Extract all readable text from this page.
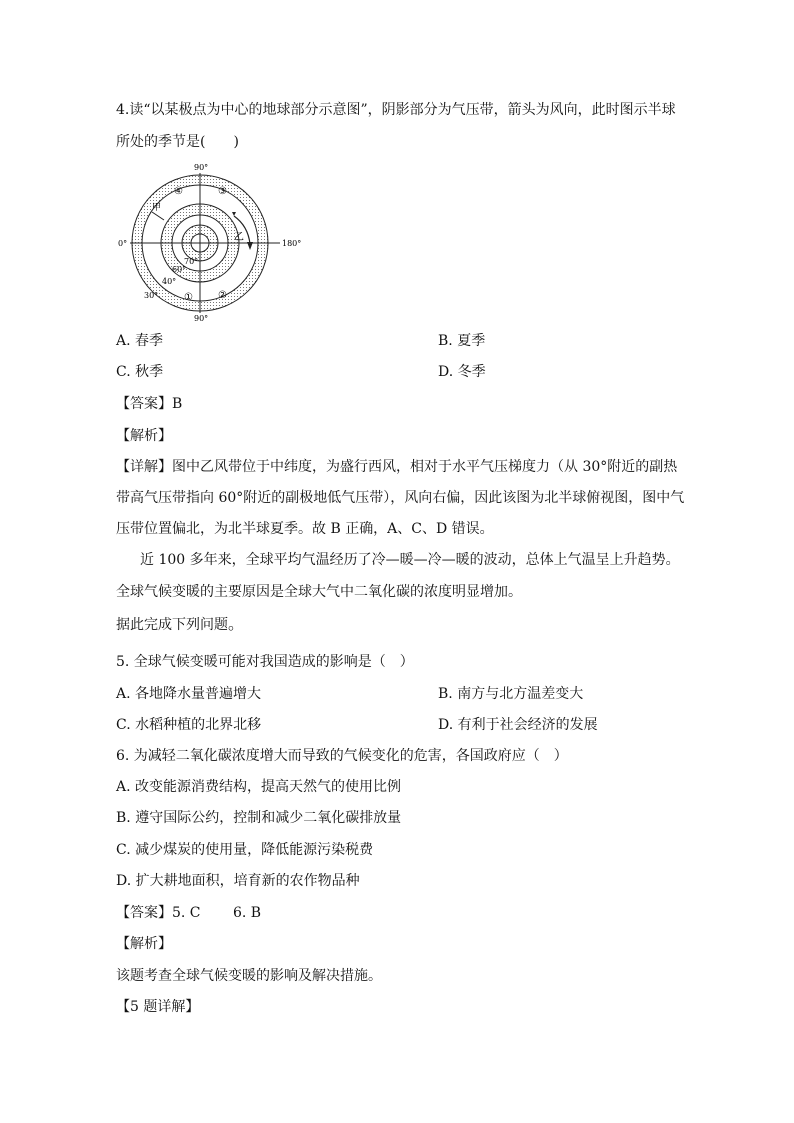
4.读“以某极点为中心的地球部分示意图”，阴影部分为气压带，箭头为风向，此时图示半球
所处的季节是(　　)
90°
90°
0°	180°
70°
60°
40°
30°
甲
乙
①	②
③
④
A. 春季	B. 夏季
C. 秋季	D. 冬季
【答案】B
【解析】
【详解】图中乙风带位于中纬度，为盛行西风，相对于水平气压梯度力（从 30°附近的副热
带高气压带指向 60°附近的副极地低气压带），风向右偏，因此该图为北半球俯视图，图中气
压带位置偏北，为北半球夏季。故 B 正确，A、C、D 错误。
近 100 多年来，全球平均气温经历了冷—暖—冷—暖的波动，总体上气温呈上升趋势。
全球气候变暖的主要原因是全球大气中二氧化碳的浓度明显增加。
据此完成下列问题。
5. 全球气候变暖可能对我国造成的影响是（　）
A. 各地降水量普遍增大	B. 南方与北方温差变大
C. 水稻种植的北界北移	D. 有利于社会经济的发展
6. 为减轻二氧化碳浓度增大而导致的气候变化的危害，各国政府应（　）
A. 改变能源消费结构，提高天然气的使用比例
B. 遵守国际公约，控制和减少二氧化碳排放量
C. 减少煤炭的使用量，降低能源污染税费
D. 扩大耕地面积，培育新的农作物品种
【答案】5. C　　 6. B
【解析】
该题考查全球气候变暖的影响及解决措施。
【5 题详解】
